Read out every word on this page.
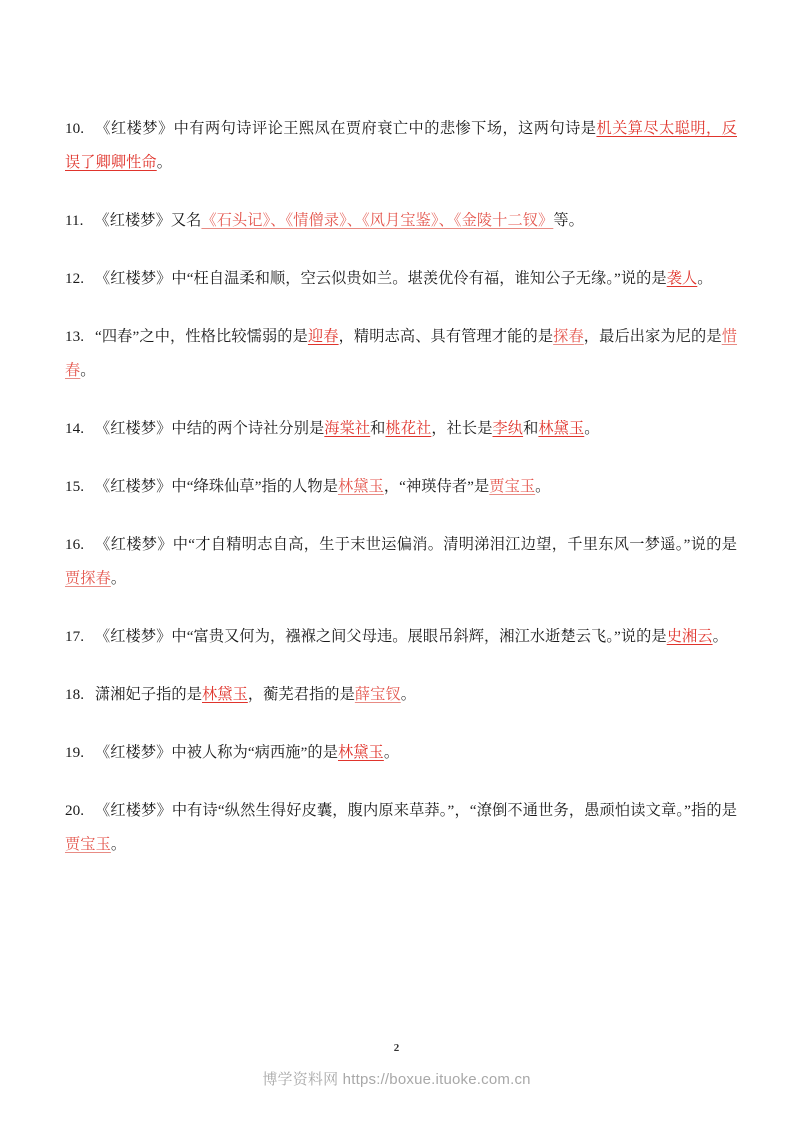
10. 《红楼梦》中有两句诗评论王熙凤在贾府衰亡中的悲惨下场，这两句诗是机关算尽太聪明，反误了卿卿性命。

11. 《红楼梦》又名《石头记》、《情僧录》、《风月宝鉴》、《金陵十二钗》等。

12. 《红楼梦》中“枉自温柔和顺，空云似贵如兰。堪羡优伶有福，谁知公子无缘。”说的是袭人。

13. “四春”之中，性格比较懦弱的是迎春，精明志高、具有管理才能的是探春，最后出家为尼的是惜春。

14. 《红楼梦》中结的两个诗社分别是海棠社和桃花社，社长是李纨和林黛玉。

15. 《红楼梦》中“绛珠仙草”指的人物是林黛玉，“神瑛侍者”是贾宝玉。

16. 《红楼梦》中“才自精明志自高，生于末世运偏消。清明涕泪江边望，千里东风一梦遥。”说的是贾探春。

17. 《红楼梦》中“富贵又何为，襁褓之间父母违。展眼吊斜辉，湘江水逝楚云飞。”说的是史湘云。

18. 潇湘妃子指的是林黛玉，蘅芜君指的是薛宝钗。

19. 《红楼梦》中被人称为“病西施”的是林黛玉。

20. 《红楼梦》中有诗“纵然生得好皮囊，腹内原来草莽。”，“潦倒不通世务，愚顽怕读文章。”指的是贾宝玉。

2
博学资料网 https://boxue.ituoke.com.cn
